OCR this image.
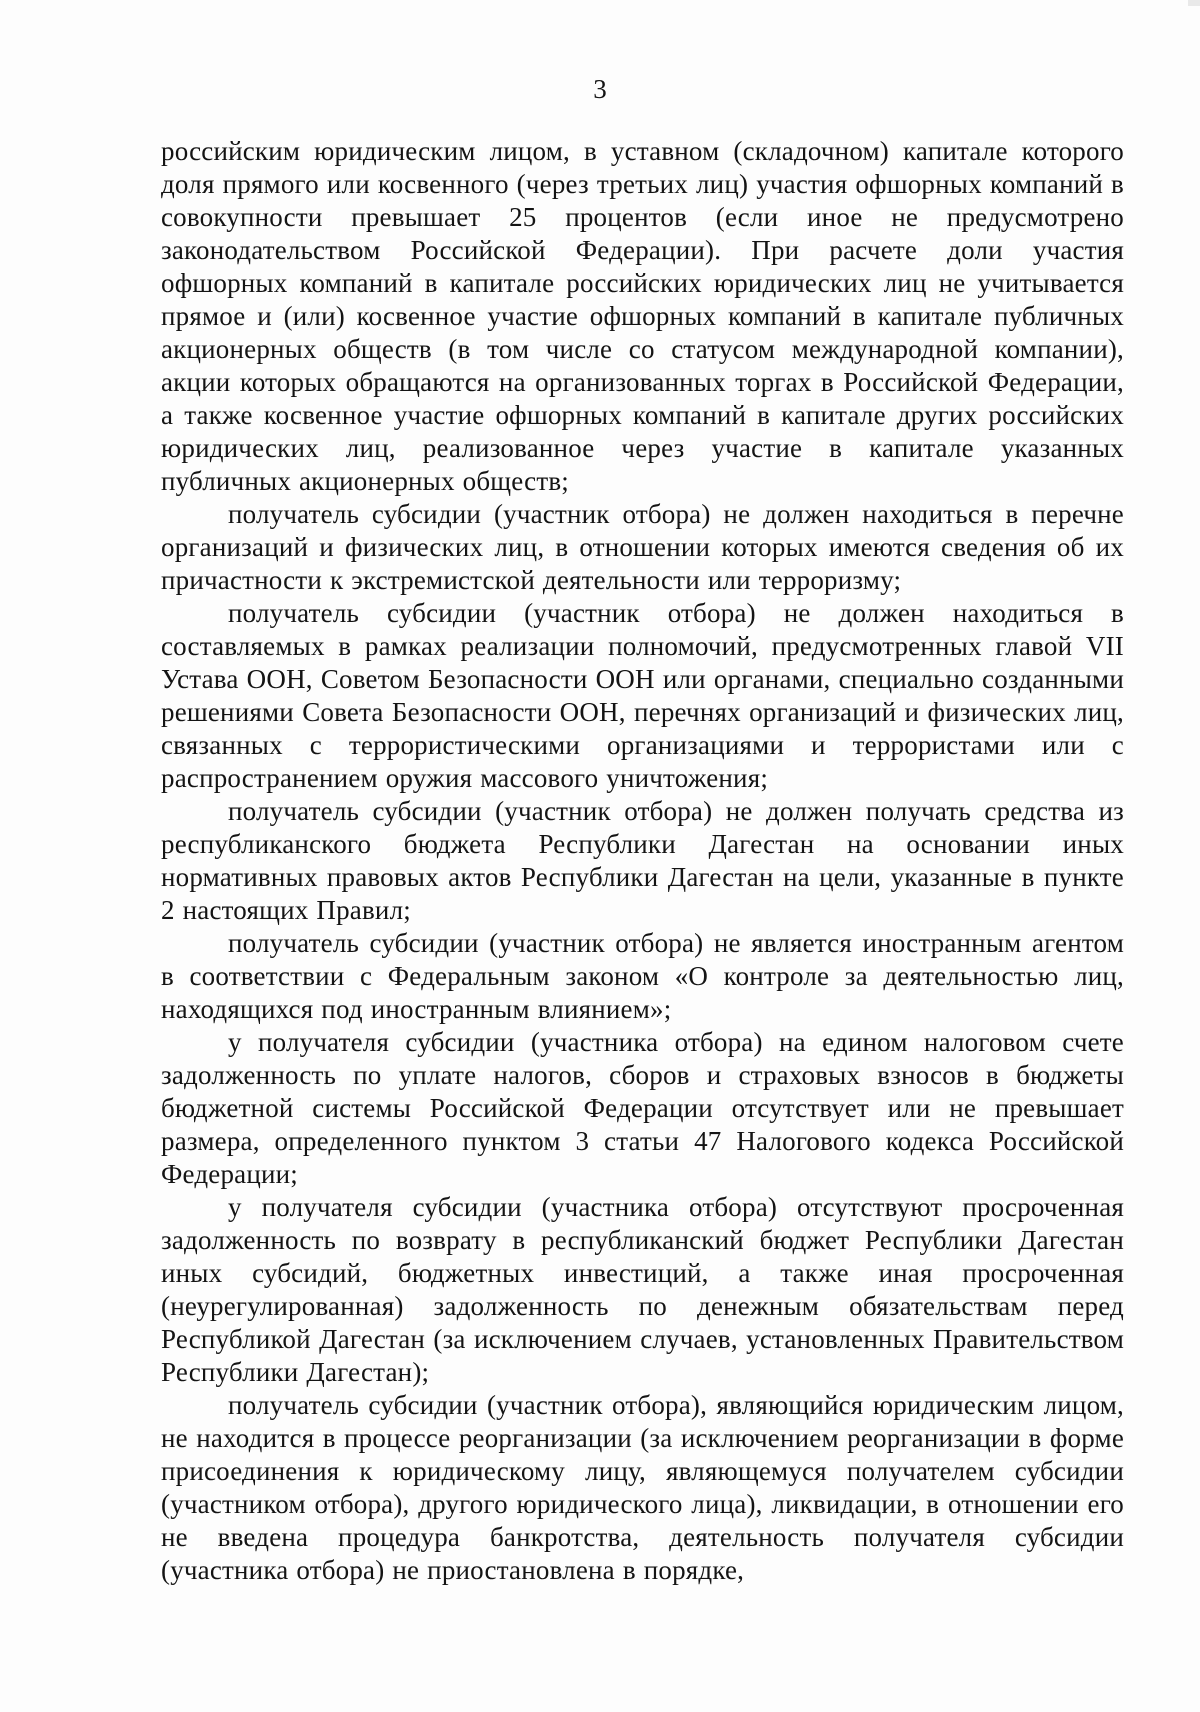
3

российским юридическим лицом, в уставном (складочном) капитале которого доля прямого или косвенного (через третьих лиц) участия офшорных компаний в совокупности превышает 25 процентов (если иное не предусмотрено законодательством Российской Федерации). При расчете доли участия офшорных компаний в капитале российских юридических лиц не учитывается прямое и (или) косвенное участие офшорных компаний в капитале публичных акционерных обществ (в том числе со статусом международной компании), акции которых обращаются на организованных торгах в Российской Федерации, а также косвенное участие офшорных компаний в капитале других российских юридических лиц, реализованное через участие в капитале указанных публичных акционерных обществ;

получатель субсидии (участник отбора) не должен находиться в перечне организаций и физических лиц, в отношении которых имеются сведения об их причастности к экстремистской деятельности или терроризму;

получатель субсидии (участник отбора) не должен находиться в составляемых в рамках реализации полномочий, предусмотренных главой VII Устава ООН, Советом Безопасности ООН или органами, специально созданными решениями Совета Безопасности ООН, перечнях организаций и физических лиц, связанных с террористическими организациями и террористами или с распространением оружия массового уничтожения;

получатель субсидии (участник отбора) не должен получать средства из республиканского бюджета Республики Дагестан на основании иных нормативных правовых актов Республики Дагестан на цели, указанные в пункте 2 настоящих Правил;

получатель субсидии (участник отбора) не является иностранным агентом в соответствии с Федеральным законом «О контроле за деятельностью лиц, находящихся под иностранным влиянием»;

у получателя субсидии (участника отбора) на едином налоговом счете задолженность по уплате налогов, сборов и страховых взносов в бюджеты бюджетной системы Российской Федерации отсутствует или не превышает размера, определенного пунктом 3 статьи 47 Налогового кодекса Российской Федерации;

у получателя субсидии (участника отбора) отсутствуют просроченная задолженность по возврату в республиканский бюджет Республики Дагестан иных субсидий, бюджетных инвестиций, а также иная просроченная (неурегулированная) задолженность по денежным обязательствам перед Республикой Дагестан (за исключением случаев, установленных Правительством Республики Дагестан);

получатель субсидии (участник отбора), являющийся юридическим лицом, не находится в процессе реорганизации (за исключением реорганизации в форме присоединения к юридическому лицу, являющемуся получателем субсидии (участником отбора), другого юридического лица), ликвидации, в отношении его не введена процедура банкротства, деятельность получателя субсидии (участника отбора) не приостановлена в порядке,
